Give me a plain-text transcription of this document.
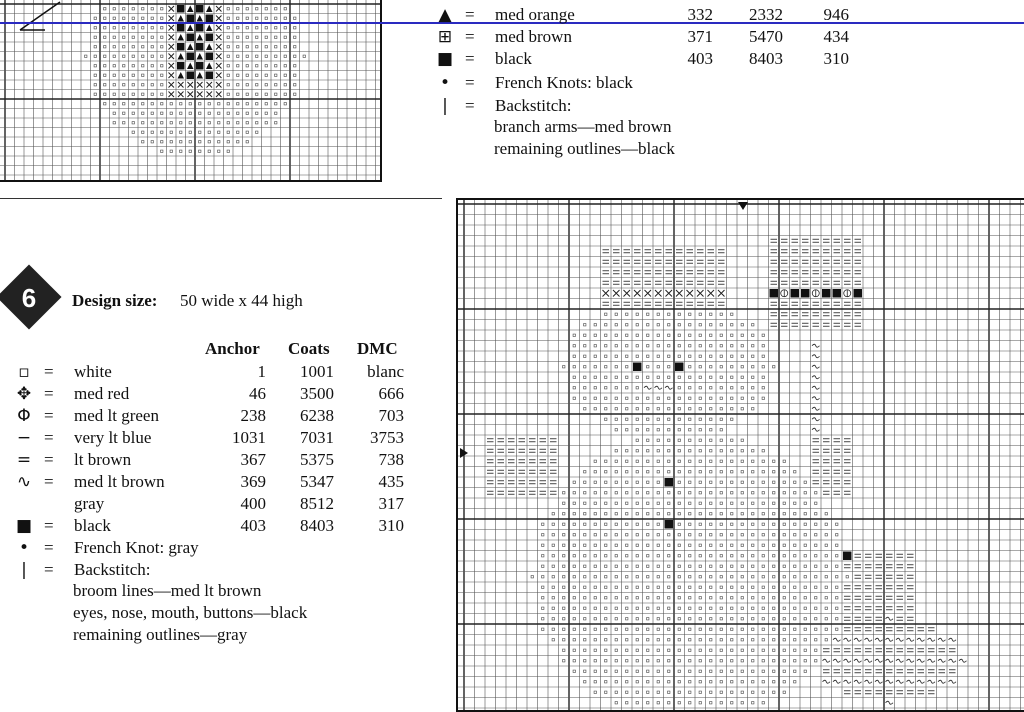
▲ = med orange	332	2332	946
⊞ = med brown	371	5470	434
■ = black	403	8403	310
• = French Knots: black
|	= Backstitch:
branch arms—med brown
remaining outlines—black
6	Design size: 50 wide x 44 high
Anchor Coats DMC
▫ = white	1	1001	blanc
✥ = med red	46	3500	666
Φ = med lt green	238	6238	703
− = very lt blue	1031	7031	3753
= = lt brown	367	5375	738
∿ = med lt brown	369	5347	435
gray	400	8512	317
■ = black	403	8403	310
• = French Knot: gray
|	= Backstitch:
broom lines—med lt brown
eyes, nose, mouth, buttons—black
remaining outlines—gray
